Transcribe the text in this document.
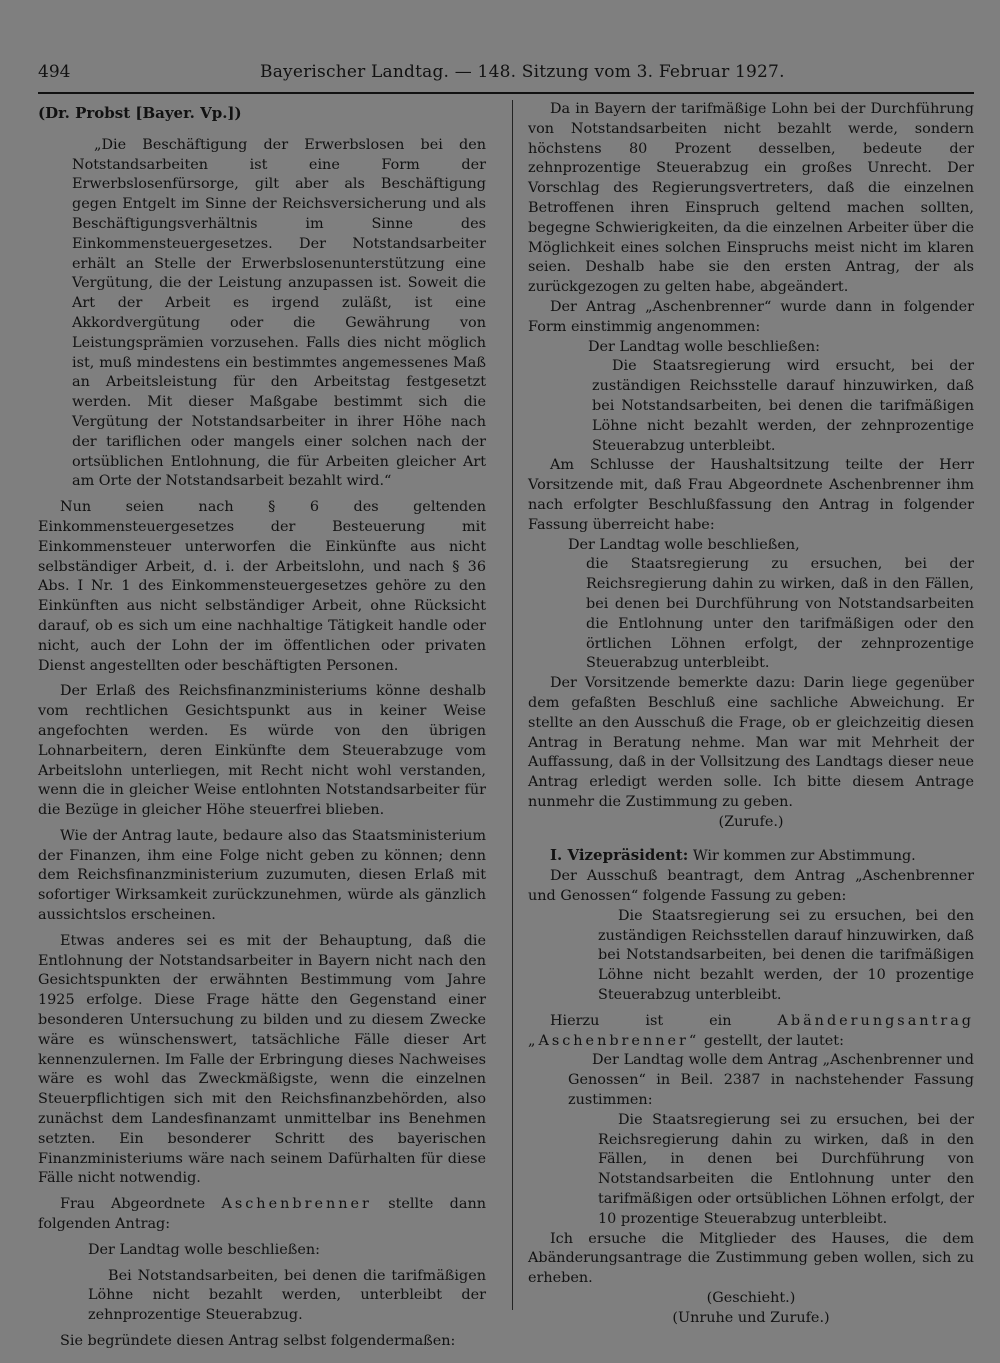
494	Bayerischer Landtag. — 148. Sitzung vom 3. Februar 1927.

(Dr. Probst [Bayer. Vp.])

„Die Beschäftigung der Erwerbslosen bei den Notstandsarbeiten ist eine Form der Erwerbslosenfürsorge, gilt aber als Beschäftigung gegen Entgelt im Sinne der Reichsversicherung und als Beschäftigungsverhältnis im Sinne des Einkommensteuergesetzes. Der Notstandsarbeiter erhält an Stelle der Erwerbslosenunterstützung eine Vergütung, die der Leistung anzupassen ist. Soweit die Art der Arbeit es irgend zuläßt, ist eine Akkordvergütung oder die Gewährung von Leistungsprämien vorzusehen. Falls dies nicht möglich ist, muß mindestens ein bestimmtes angemessenes Maß an Arbeitsleistung für den Arbeitstag festgesetzt werden. Mit dieser Maßgabe bestimmt sich die Vergütung der Notstandsarbeiter in ihrer Höhe nach der tariflichen oder mangels einer solchen nach der ortsüblichen Entlohnung, die für Arbeiten gleicher Art am Orte der Notstandsarbeit bezahlt wird.“

Nun seien nach § 6 des geltenden Einkommensteuergesetzes der Besteuerung mit Einkommensteuer unterworfen die Einkünfte aus nicht selbständiger Arbeit, d. i. der Arbeitslohn, und nach § 36 Abs. I Nr. 1 des Einkommensteuergesetzes gehöre zu den Einkünften aus nicht selbständiger Arbeit, ohne Rücksicht darauf, ob es sich um eine nachhaltige Tätigkeit handle oder nicht, auch der Lohn der im öffentlichen oder privaten Dienst angestellten oder beschäftigten Personen.

Der Erlaß des Reichsfinanzministeriums könne deshalb vom rechtlichen Gesichtspunkt aus in keiner Weise angefochten werden. Es würde von den übrigen Lohnarbeitern, deren Einkünfte dem Steuerabzuge vom Arbeitslohn unterliegen, mit Recht nicht wohl verstanden, wenn die in gleicher Weise entlohnten Notstandsarbeiter für die Bezüge in gleicher Höhe steuerfrei blieben.

Wie der Antrag laute, bedaure also das Staatsministerium der Finanzen, ihm eine Folge nicht geben zu können; denn dem Reichsfinanzministerium zuzumuten, diesen Erlaß mit sofortiger Wirksamkeit zurückzunehmen, würde als gänzlich aussichtslos erscheinen.

Etwas anderes sei es mit der Behauptung, daß die Entlohnung der Notstandsarbeiter in Bayern nicht nach den Gesichtspunkten der erwähnten Bestimmung vom Jahre 1925 erfolge. Diese Frage hätte den Gegenstand einer besonderen Untersuchung zu bilden und zu diesem Zwecke wäre es wünschenswert, tatsächliche Fälle dieser Art kennenzulernen. Im Falle der Erbringung dieses Nachweises wäre es wohl das Zweckmäßigste, wenn die einzelnen Steuerpflichtigen sich mit den Reichsfinanzbehörden, also zunächst dem Landesfinanzamt unmittelbar ins Benehmen setzten. Ein besonderer Schritt des bayerischen Finanzministeriums wäre nach seinem Dafürhalten für diese Fälle nicht notwendig.

Frau Abgeordnete Aschenbrenner stellte dann folgenden Antrag:

Der Landtag wolle beschließen:

Bei Notstandsarbeiten, bei denen die tarifmäßigen Löhne nicht bezahlt werden, unterbleibt der zehnprozentige Steuerabzug.

Sie begründete diesen Antrag selbst folgendermaßen:

Da in Bayern der tarifmäßige Lohn bei der Durchführung von Notstandsarbeiten nicht bezahlt werde, sondern höchstens 80 Prozent desselben, bedeute der zehnprozentige Steuerabzug ein großes Unrecht. Der Vorschlag des Regierungsvertreters, daß die einzelnen Betroffenen ihren Einspruch geltend machen sollten, begegne Schwierigkeiten, da die einzelnen Arbeiter über die Möglichkeit eines solchen Einspruchs meist nicht im klaren seien. Deshalb habe sie den ersten Antrag, der als zurückgezogen zu gelten habe, abgeändert.

Der Antrag „Aschenbrenner“ wurde dann in folgender Form einstimmig angenommen:

Der Landtag wolle beschließen:

Die Staatsregierung wird ersucht, bei der zuständigen Reichsstelle darauf hinzuwirken, daß bei Notstandsarbeiten, bei denen die tarifmäßigen Löhne nicht bezahlt werden, der zehnprozentige Steuerabzug unterbleibt.

Am Schlusse der Haushaltsitzung teilte der Herr Vorsitzende mit, daß Frau Abgeordnete Aschenbrenner ihm nach erfolgter Beschlußfassung den Antrag in folgender Fassung überreicht habe:

Der Landtag wolle beschließen,

die Staatsregierung zu ersuchen, bei der Reichsregierung dahin zu wirken, daß in den Fällen, bei denen bei Durchführung von Notstandsarbeiten die Entlohnung unter den tarifmäßigen oder den örtlichen Löhnen erfolgt, der zehnprozentige Steuerabzug unterbleibt.

Der Vorsitzende bemerkte dazu: Darin liege gegenüber dem gefaßten Beschluß eine sachliche Abweichung. Er stellte an den Ausschuß die Frage, ob er gleichzeitig diesen Antrag in Beratung nehme. Man war mit Mehrheit der Auffassung, daß in der Vollsitzung des Landtags dieser neue Antrag erledigt werden solle. Ich bitte diesem Antrage nunmehr die Zustimmung zu geben.

(Zurufe.)

I. Vizepräsident: Wir kommen zur Abstimmung.

Der Ausschuß beantragt, dem Antrag „Aschenbrenner und Genossen“ folgende Fassung zu geben:

Die Staatsregierung sei zu ersuchen, bei den zuständigen Reichsstellen darauf hinzuwirken, daß bei Notstandsarbeiten, bei denen die tarifmäßigen Löhne nicht bezahlt werden, der 10 prozentige Steuerabzug unterbleibt.

Hierzu ist ein Abänderungsantrag „Aschenbrenner“ gestellt, der lautet:

Der Landtag wolle dem Antrag „Aschenbrenner und Genossen“ in Beil. 2387 in nachstehender Fassung zustimmen:

Die Staatsregierung sei zu ersuchen, bei der Reichsregierung dahin zu wirken, daß in den Fällen, in denen bei Durchführung von Notstandsarbeiten die Entlohnung unter den tarifmäßigen oder ortsüblichen Löhnen erfolgt, der 10 prozentige Steuerabzug unterbleibt.

Ich ersuche die Mitglieder des Hauses, die dem Abänderungsantrage die Zustimmung geben wollen, sich zu erheben.

(Geschieht.)

(Unruhe und Zurufe.)
